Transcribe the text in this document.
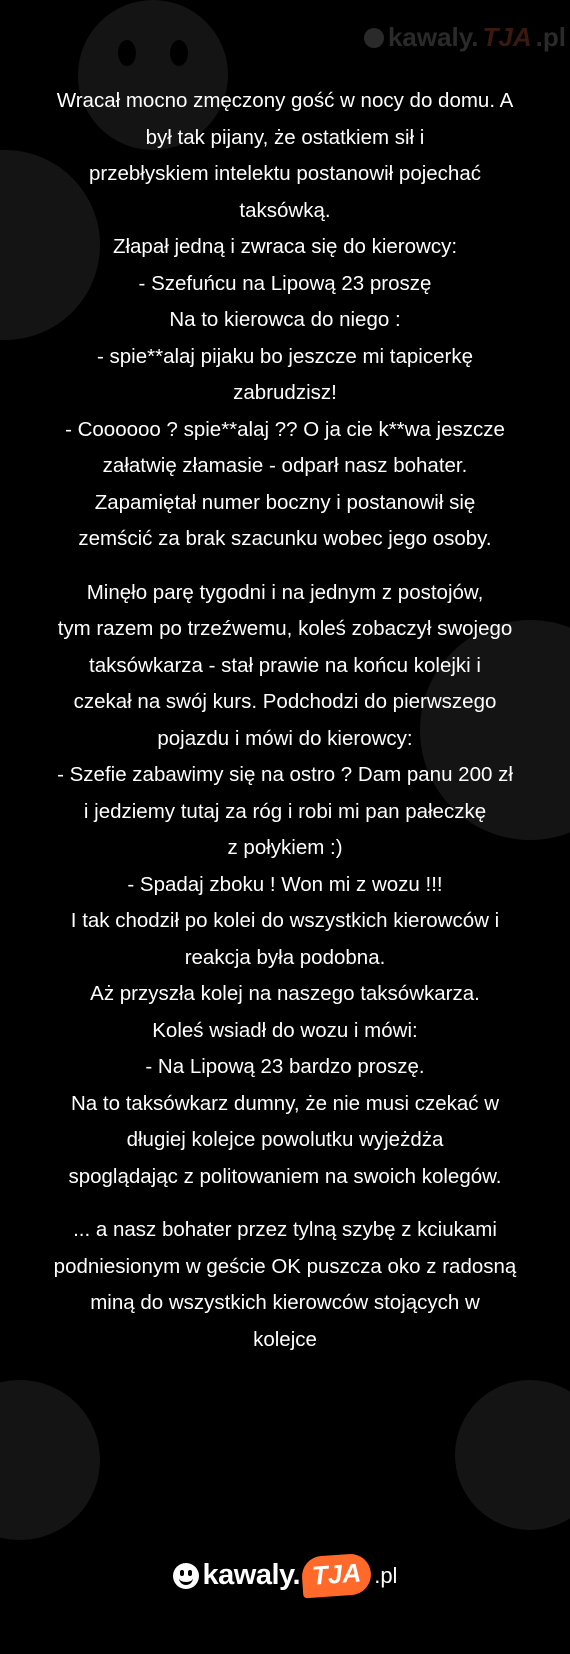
kawaly. TJA .pl

Wracał mocno zmęczony gość w nocy do domu. A

był tak pijany, że ostatkiem sił i

przebłyskiem intelektu postanowił pojechać

taksówką.

Złapał jedną i zwraca się do kierowcy:

- Szefuńcu na Lipową 23 proszę

Na to kierowca do niego :

- spie**alaj pijaku bo jeszcze mi tapicerkę

zabrudzisz!

- Coooooo ? spie**alaj ?? O ja cie k**wa jeszcze

załatwię złamasie - odparł nasz bohater.

Zapamiętał numer boczny i postanowił się

zemścić za brak szacunku wobec jego osoby.

Minęło parę tygodni i na jednym z postojów,

tym razem po trzeźwemu, koleś zobaczył swojego

taksówkarza - stał prawie na końcu kolejki i

czekał na swój kurs. Podchodzi do pierwszego

pojazdu i mówi do kierowcy:

- Szefie zabawimy się na ostro ? Dam panu 200 zł

i jedziemy tutaj za róg i robi mi pan pałeczkę

z połykiem :)

- Spadaj zboku ! Won mi z wozu !!!

I tak chodził po kolei do wszystkich kierowców i

reakcja była podobna.

Aż przyszła kolej na naszego taksówkarza.

Koleś wsiadł do wozu i mówi:

- Na Lipową 23 bardzo proszę.

Na to taksówkarz dumny, że nie musi czekać w

długiej kolejce powolutku wyjeżdża

spoglądając z politowaniem na swoich kolegów.

... a nasz bohater przez tylną szybę z kciukami

podniesionym w geście OK puszcza oko z radosną

miną do wszystkich kierowców stojących w

kolejce

kawaly. TJA .pl
